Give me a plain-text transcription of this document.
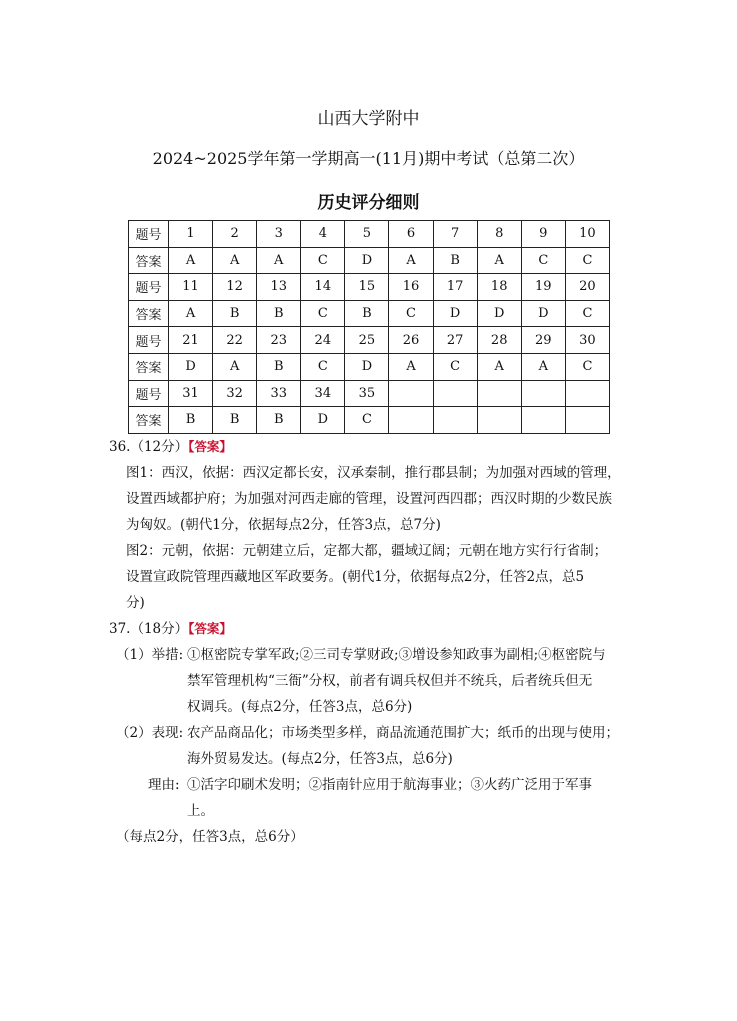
山西大学附中
2024~2025学年第一学期高一(11月)期中考试（总第二次）
历史评分细则
题号	1	2	3	4	5	6	7	8	9	10
答案	A	A	A	C	D	A	B	A	C	C
题号	11	12	13	14	15	16	17	18	19	20
答案	A	B	B	C	B	C	D	D	D	C
题号	21	22	23	24	25	26	27	28	29	30
答案	D	A	B	C	D	A	C	A	A	C
题号	31	32	33	34	35					
答案	B	B	B	D	C					
36.（12分）【答案】
图1：西汉，依据：西汉定都长安，汉承秦制，推行郡县制；为加强对西域的管理，
设置西域都护府；为加强对河西走廊的管理，设置河西四郡；西汉时期的少数民族
为匈奴。(朝代1分，依据每点2分，任答3点，总7分)
图2：元朝，依据：元朝建立后，定都大都，疆域辽阔；元朝在地方实行行省制；
设置宣政院管理西藏地区军政要务。(朝代1分，依据每点2分，任答2点，总5
分)
37.（18分）【答案】
（1）举措: ①枢密院专掌军政;②三司专掌财政;③增设参知政事为副相;④枢密院与
禁军管理机构“三衙”分权，前者有调兵权但并不统兵，后者统兵但无
权调兵。(每点2分，任答3点，总6分)
（2）表现: 农产品商品化；市场类型多样，商品流通范围扩大；纸币的出现与使用；
海外贸易发达。(每点2分，任答3点，总6分)
理由: ①活字印刷术发明；②指南针应用于航海事业；③火药广泛用于军事
上。
（每点2分，任答3点，总6分）
